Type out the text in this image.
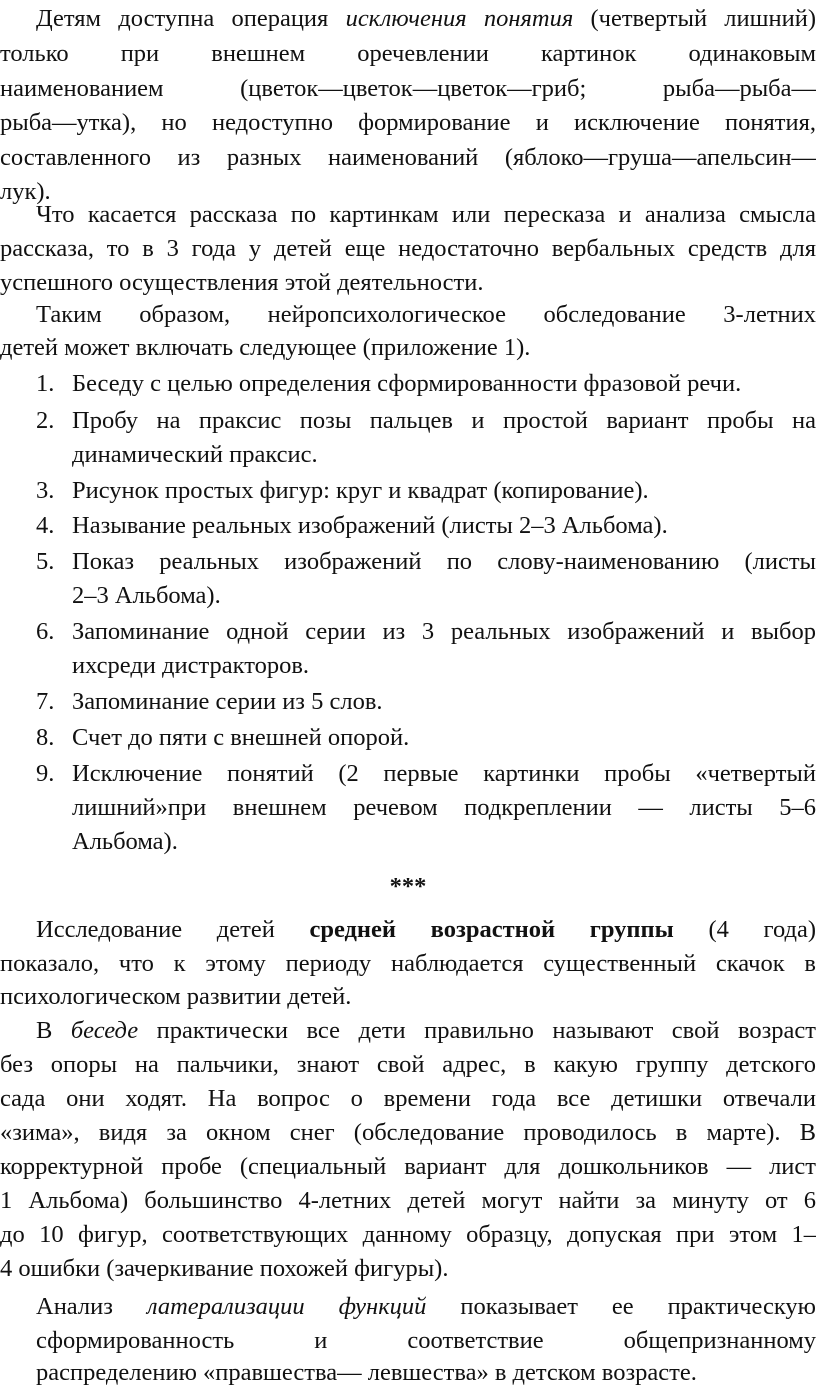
Детям доступна операция исключения понятия (четвертый лишний)
только при внешнем оречевлении картинок одинаковым
наименованием (цветок—цветок—цветок—гриб; рыба—рыба—
рыба—утка), но недоступно формирование и исключение понятия,
составленного из разных наименований (яблоко—груша—апельсин—
лук).
Что касается рассказа по картинкам или пересказа и анализа смысла
рассказа, то в 3 года у детей еще недостаточно вербальных средств для
успешного осуществления этой деятельности.
Таким образом, нейропсихологическое обследование 3-летних
детей может включать следующее (приложение 1).
1. Беседу с целью определения сформированности фразовой речи.
2. Пробу на праксис позы пальцев и простой вариант пробы на
динамический праксис.
3. Рисунок простых фигур: круг и квадрат (копирование).
4. Называние реальных изображений (листы 2–3 Альбома).
5. Показ реальных изображений по слову-наименованию (листы
2–3 Альбома).
6. Запоминание одной серии из 3 реальных изображений и выбор
ихсреди дистракторов.
7. Запоминание серии из 5 слов.
8. Счет до пяти с внешней опорой.
9. Исключение понятий (2 первые картинки пробы «четвертый
лишний»при внешнем речевом подкреплении — листы 5–6
Альбома).
***
Исследование детей средней возрастной группы (4 года)
показало, что к этому периоду наблюдается существенный скачок в
психологическом развитии детей.
В беседе практически все дети правильно называют свой возраст
без опоры на пальчики, знают свой адрес, в какую группу детского
сада они ходят. На вопрос о времени года все детишки отвечали
«зима», видя за окном снег (обследование проводилось в марте). В
корректурной пробе (специальный вариант для дошкольников — лист
1 Альбома) большинство 4-летних детей могут найти за минуту от 6
до 10 фигур, соответствующих данному образцу, допуская при этом 1–
4 ошибки (зачеркивание похожей фигуры).
Анализ латерализации функций показывает ее практическую
сформированность и соответствие общепризнанному
распределению «правшества— левшества» в детском возрасте.
